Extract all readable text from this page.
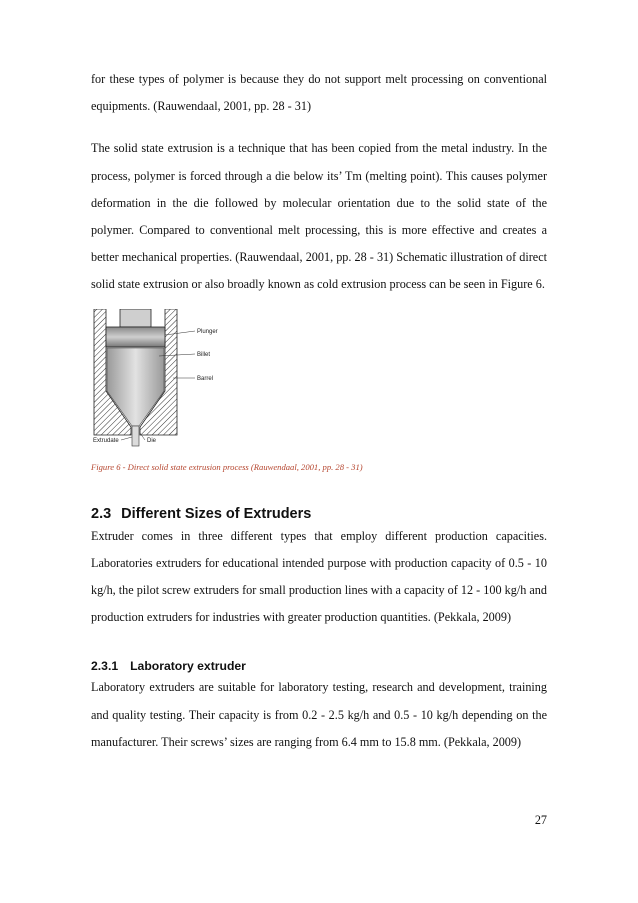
for these types of polymer is because they do not support melt processing on conventional equipments. (Rauwendaal, 2001, pp. 28 - 31)

The solid state extrusion is a technique that has been copied from the metal industry. In the process, polymer is forced through a die below its’ Tm (melting point). This causes polymer deformation in the die followed by molecular orientation due to the solid state of the polymer. Compared to conventional melt processing, this is more effective and creates a better mechanical properties. (Rauwendaal, 2001, pp. 28 - 31) Schematic illustration of direct solid state extrusion or also broadly known as cold extrusion process can be seen in Figure 6.

Plunger
Billet
Barrel
Extrudate	Die
Figure 6 - Direct solid state extrusion process (Rauwendaal, 2001, pp. 28 - 31)
2.3 Different Sizes of Extruders

Extruder comes in three different types that employ different production capacities. Laboratories extruders for educational intended purpose with production capacity of 0.5 - 10 kg/h, the pilot screw extruders for small production lines with a capacity of 12 - 100 kg/h and production extruders for industries with greater production quantities. (Pekkala, 2009)

2.3.1 Laboratory extruder

Laboratory extruders are suitable for laboratory testing, research and development, training and quality testing. Their capacity is from 0.2 - 2.5 kg/h and 0.5 - 10 kg/h depending on the manufacturer. Their screws’ sizes are ranging from 6.4 mm to 15.8 mm. (Pekkala, 2009)

27
